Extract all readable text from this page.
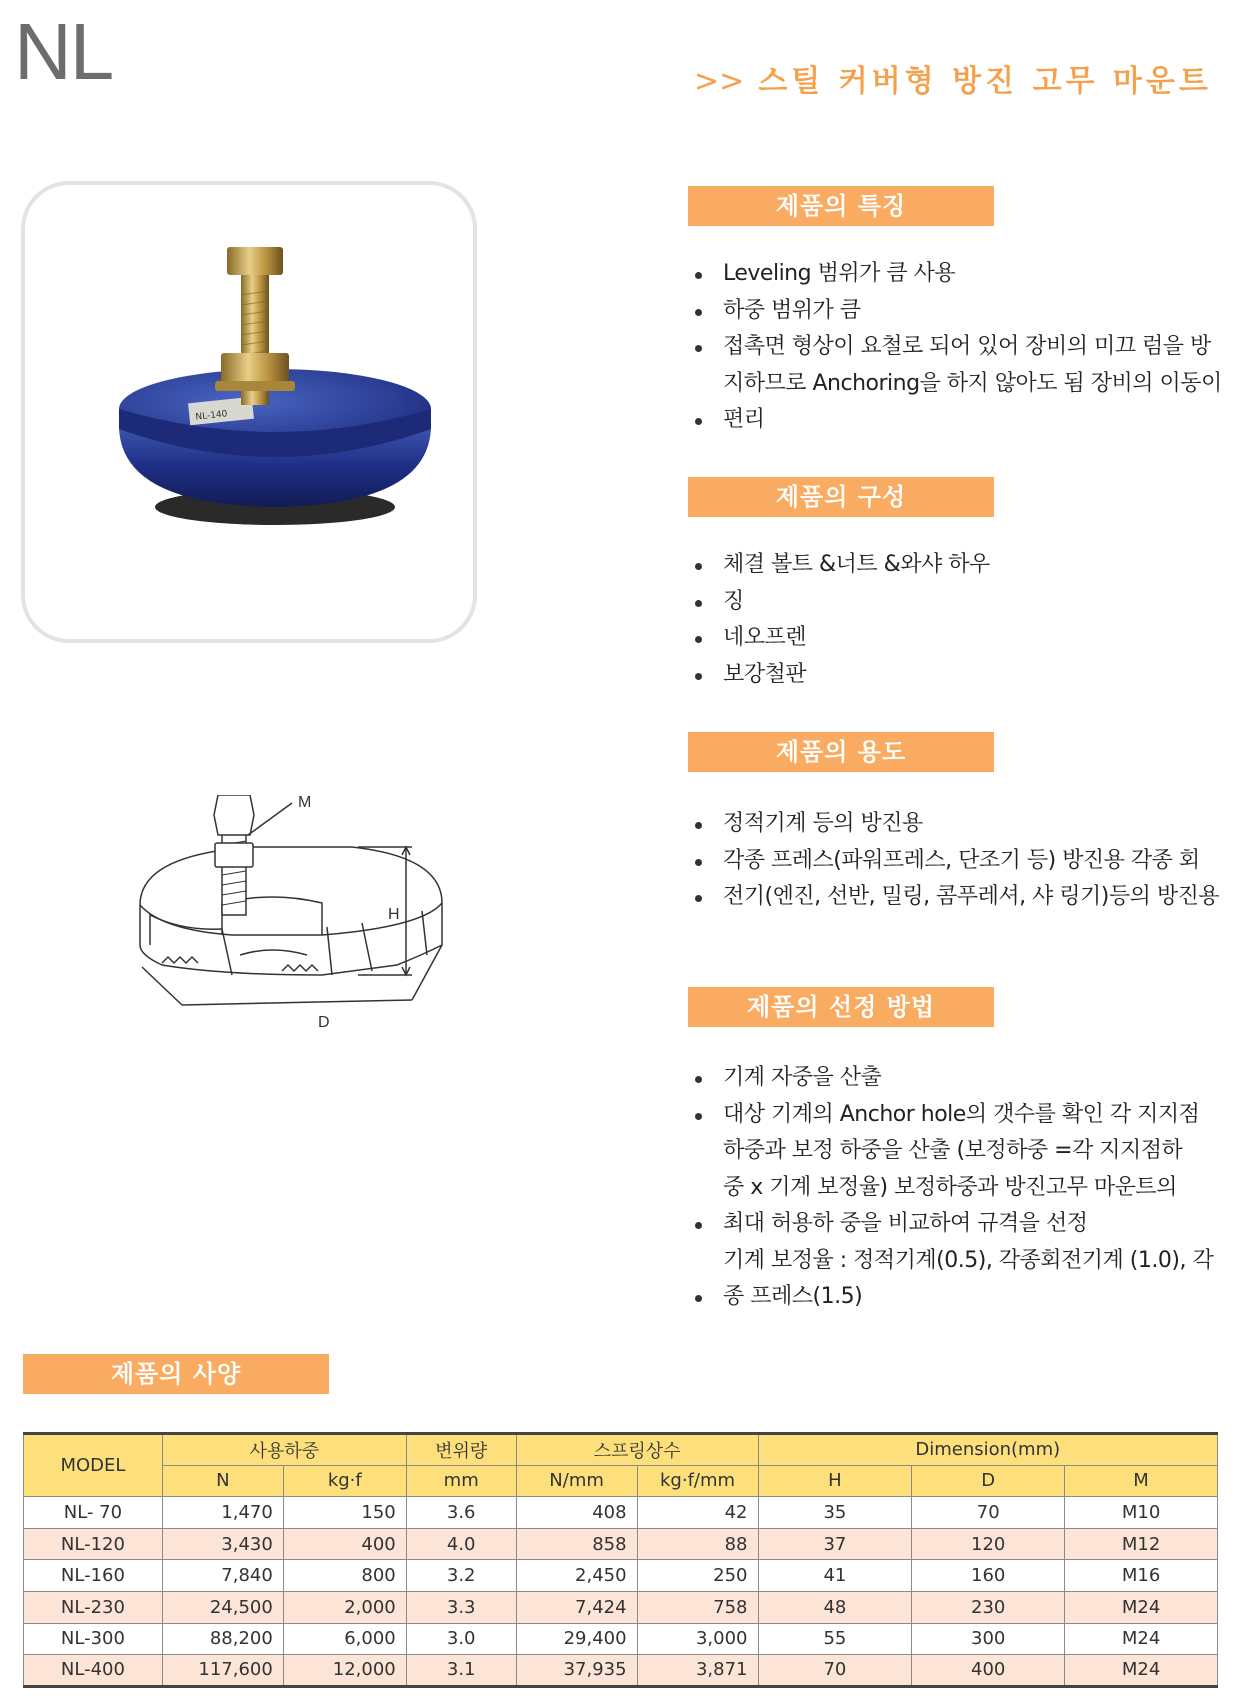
NL	>> 스틸 커버형 방진 고무 마운트
NL-140
M
H
D
제품의 특징
Leveling 범위가 큼 사용
하중 범위가 큼
접촉면 형상이 요철로 되어 있어 장비의 미끄 럼을 방
지하므로 Anchoring을 하지 않아도 됨 장비의 이동이
편리
제품의 구성
체결 볼트 &너트 &와샤 하우
징
네오프렌
보강철판
제품의 용도
정적기계 등의 방진용
각종 프레스(파워프레스, 단조기 등) 방진용 각종 회
전기(엔진, 선반, 밀링, 콤푸레셔, 샤 링기)등의 방진용
제품의 선정 방법
기계 자중을 산출
대상 기계의 Anchor hole의 갯수를 확인 각 지지점
하중과 보정 하중을 산출 (보정하중 =각 지지점하
중 x 기계 보정율) 보정하중과 방진고무 마운트의
최대 허용하 중을 비교하여 규격을 선정
기계 보정율 : 정적기계(0.5), 각종회전기계 (1.0), 각
종 프레스(1.5)
제품의 사양
MODEL	사용하중		변위량	스프링상수		Dimension(mm)		
	N	kg·f	mm	N/mm	kg·f/mm	H	D	M
NL- 70	1,470	150	3.6	408	42	35	70	M10
NL-120	3,430	400	4.0	858	88	37	120	M12
NL-160	7,840	800	3.2	2,450	250	41	160	M16
NL-230	24,500	2,000	3.3	7,424	758	48	230	M24
NL-300	88,200	6,000	3.0	29,400	3,000	55	300	M24
NL-400	117,600	12,000	3.1	37,935	3,871	70	400	M24
